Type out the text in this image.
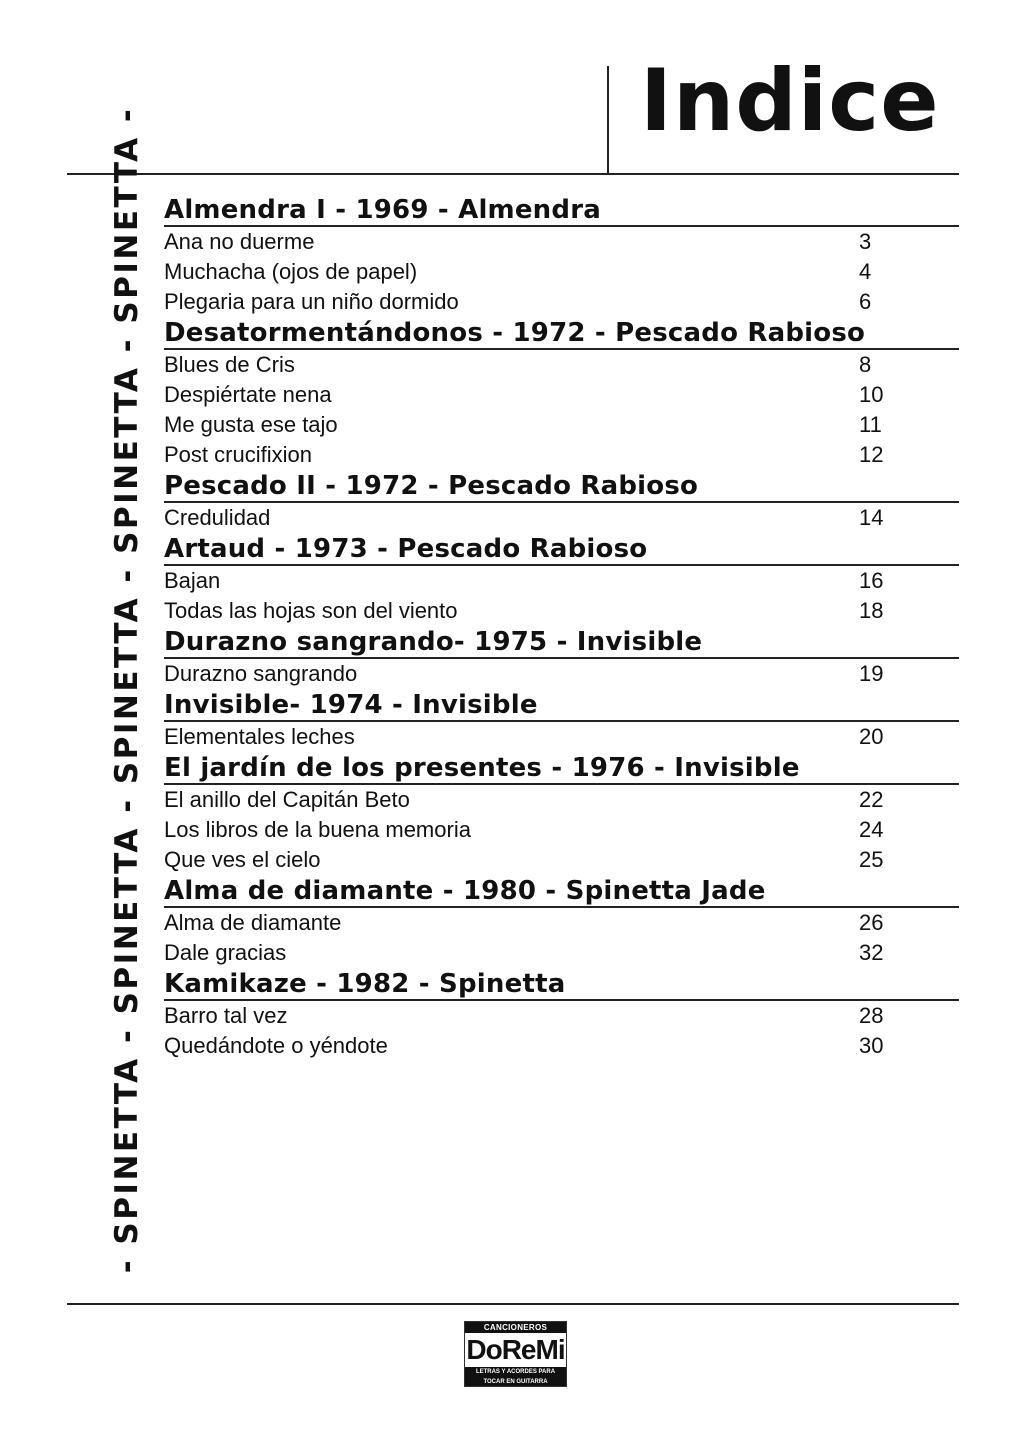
Indice
- SPINETTA - SPINETTA - SPINETTA - SPINETTA - SPINETTA - Almendra I - 1969 - Almendra
Ana no duerme	3
Muchacha (ojos de papel)	4
Plegaria para un niño dormido	6
Desatormentándonos - 1972 - Pescado Rabioso
Blues de Cris	8
Despiértate nena	10
Me gusta ese tajo	11
Post crucifixion	12
Pescado II - 1972 - Pescado Rabioso
Credulidad	14
Artaud - 1973 - Pescado Rabioso
Bajan	16
Todas las hojas son del viento	18
Durazno sangrando- 1975 - Invisible
Durazno sangrando	19
Invisible- 1974 - Invisible
Elementales leches	20
El jardín de los presentes - 1976 - Invisible
El anillo del Capitán Beto	22
Los libros de la buena memoria	24
Que ves el cielo	25
Alma de diamante - 1980 - Spinetta Jade
Alma de diamante	26
Dale gracias	32
Kamikaze - 1982 - Spinetta
Barro tal vez	28
Quedándote o yéndote	30
CANCIONEROS
DoReMi
LETRAS Y ACORDES PARA TOCAR EN GUITARRA
